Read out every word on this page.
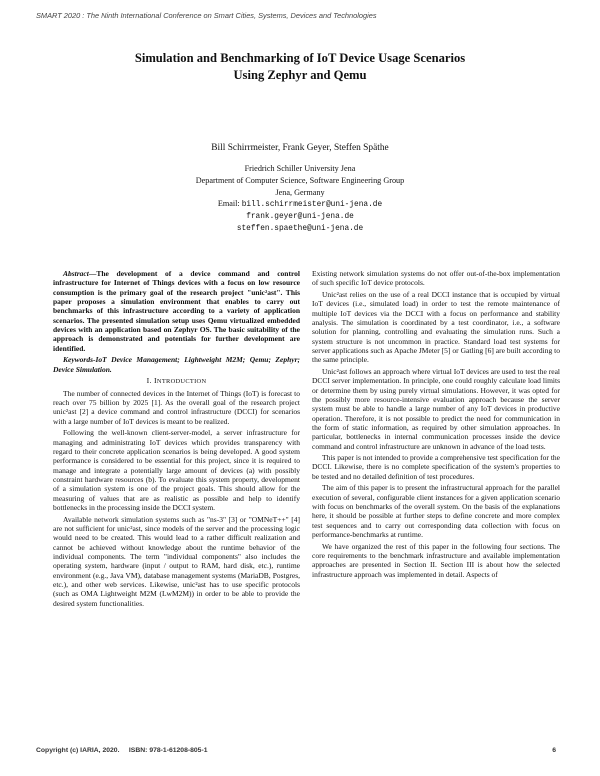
SMART 2020 : The Ninth International Conference on Smart Cities, Systems, Devices and Technologies
Simulation and Benchmarking of IoT Device Usage Scenarios
Using Zephyr and Qemu
Bill Schirrmeister, Frank Geyer, Steffen Späthe
Friedrich Schiller University Jena
Department of Computer Science, Software Engineering Group
Jena, Germany
Email: bill.schirrmeister@uni-jena.de
frank.geyer@uni-jena.de
steffen.spaethe@uni-jena.de

Abstract—The development of a device command and control infrastructure for Internet of Things devices with a focus on low resource consumption is the primary goal of the research project "unic²ast". This paper proposes a simulation environment that enables to carry out benchmarks of this infrastructure according to a variety of application scenarios. The presented simulation setup uses Qemu virtualized embedded devices with an application based on Zephyr OS. The basic suitability of the approach is demonstrated and potentials for further development are identified.

Keywords-IoT Device Management; Lightweight M2M; Qemu; Zephyr; Device Simulation.

I. INTRODUCTION

The number of connected devices in the Internet of Things (IoT) is forecast to reach over 75 billion by 2025 [1]. As the overall goal of the research project unic²ast [2] a device command and control infrastructure (DCCI) for scenarios with a large number of IoT devices is meant to be realized.

Following the well-known client-server-model, a server infrastructure for managing and administrating IoT devices which provides transparency with regard to their concrete application scenarios is being developed. A good system performance is considered to be essential for this project, since it is required to manage and integrate a potentially large amount of devices (a) with possibly constraint hardware resources (b). To evaluate this system property, development of a simulation system is one of the project goals. This should allow for the measuring of values that are as realistic as possible and help to identify bottlenecks in the processing inside the DCCI system.

Available network simulation systems such as "ns-3" [3] or "OMNeT++" [4] are not sufficient for unic²ast, since models of the server and the processing logic would need to be created. This would lead to a rather difficult realization and cannot be achieved without knowledge about the runtime behavior of the individual components. The term "individual components" also includes the operating system, hardware (input / output to RAM, hard disk, etc.), runtime environment (e.g., Java VM), database management systems (MariaDB, Postgres, etc.), and other web services. Likewise, unic²ast has to use specific protocols (such as OMA Lightweight M2M (LwM2M)) in order to be able to provide the desired system functionalities.

Existing network simulation systems do not offer out-of-the-box implementation of such specific IoT device protocols.

Unic²ast relies on the use of a real DCCI instance that is occupied by virtual IoT devices (i.e., simulated load) in order to test the remote maintenance of multiple IoT devices via the DCCI with a focus on performance and stability analysis. The simulation is coordinated by a test coordinator, i.e., a software solution for planning, controlling and evaluating the simulation runs. Such a system structure is not uncommon in practice. Standard load test systems for server applications such as Apache JMeter [5] or Gatling [6] are built according to the same principle.

Unic²ast follows an approach where virtual IoT devices are used to test the real DCCI server implementation. In principle, one could roughly calculate load limits or determine them by using purely virtual simulations. However, it was opted for the possibly more resource-intensive evaluation approach because the server system must be able to handle a large number of any IoT devices in productive operation. Therefore, it is not possible to predict the need for communication in the form of static information, as required by other simulation approaches. In particular, bottlenecks in internal communication processes inside the device command and control infrastructure are unknown in advance of the load tests.

This paper is not intended to provide a comprehensive test specification for the DCCI. Likewise, there is no complete specification of the system's properties to be tested and no detailed definition of test procedures.

The aim of this paper is to present the infrastructural approach for the parallel execution of several, configurable client instances for a given application scenario with focus on benchmarks of the overall system. On the basis of the explanations here, it should be possible at further steps to define concrete and more complex test sequences and to carry out corresponding data collection with focus on performance-benchmarks at runtime.

We have organized the rest of this paper in the following four sections. The core requirements to the benchmark infrastructure and available implementation approaches are presented in Section II. Section III is about how the selected infrastructure approach was implemented in detail. Aspects of

Copyright (c) IARIA, 2020. ISBN: 978-1-61208-805-1	6
